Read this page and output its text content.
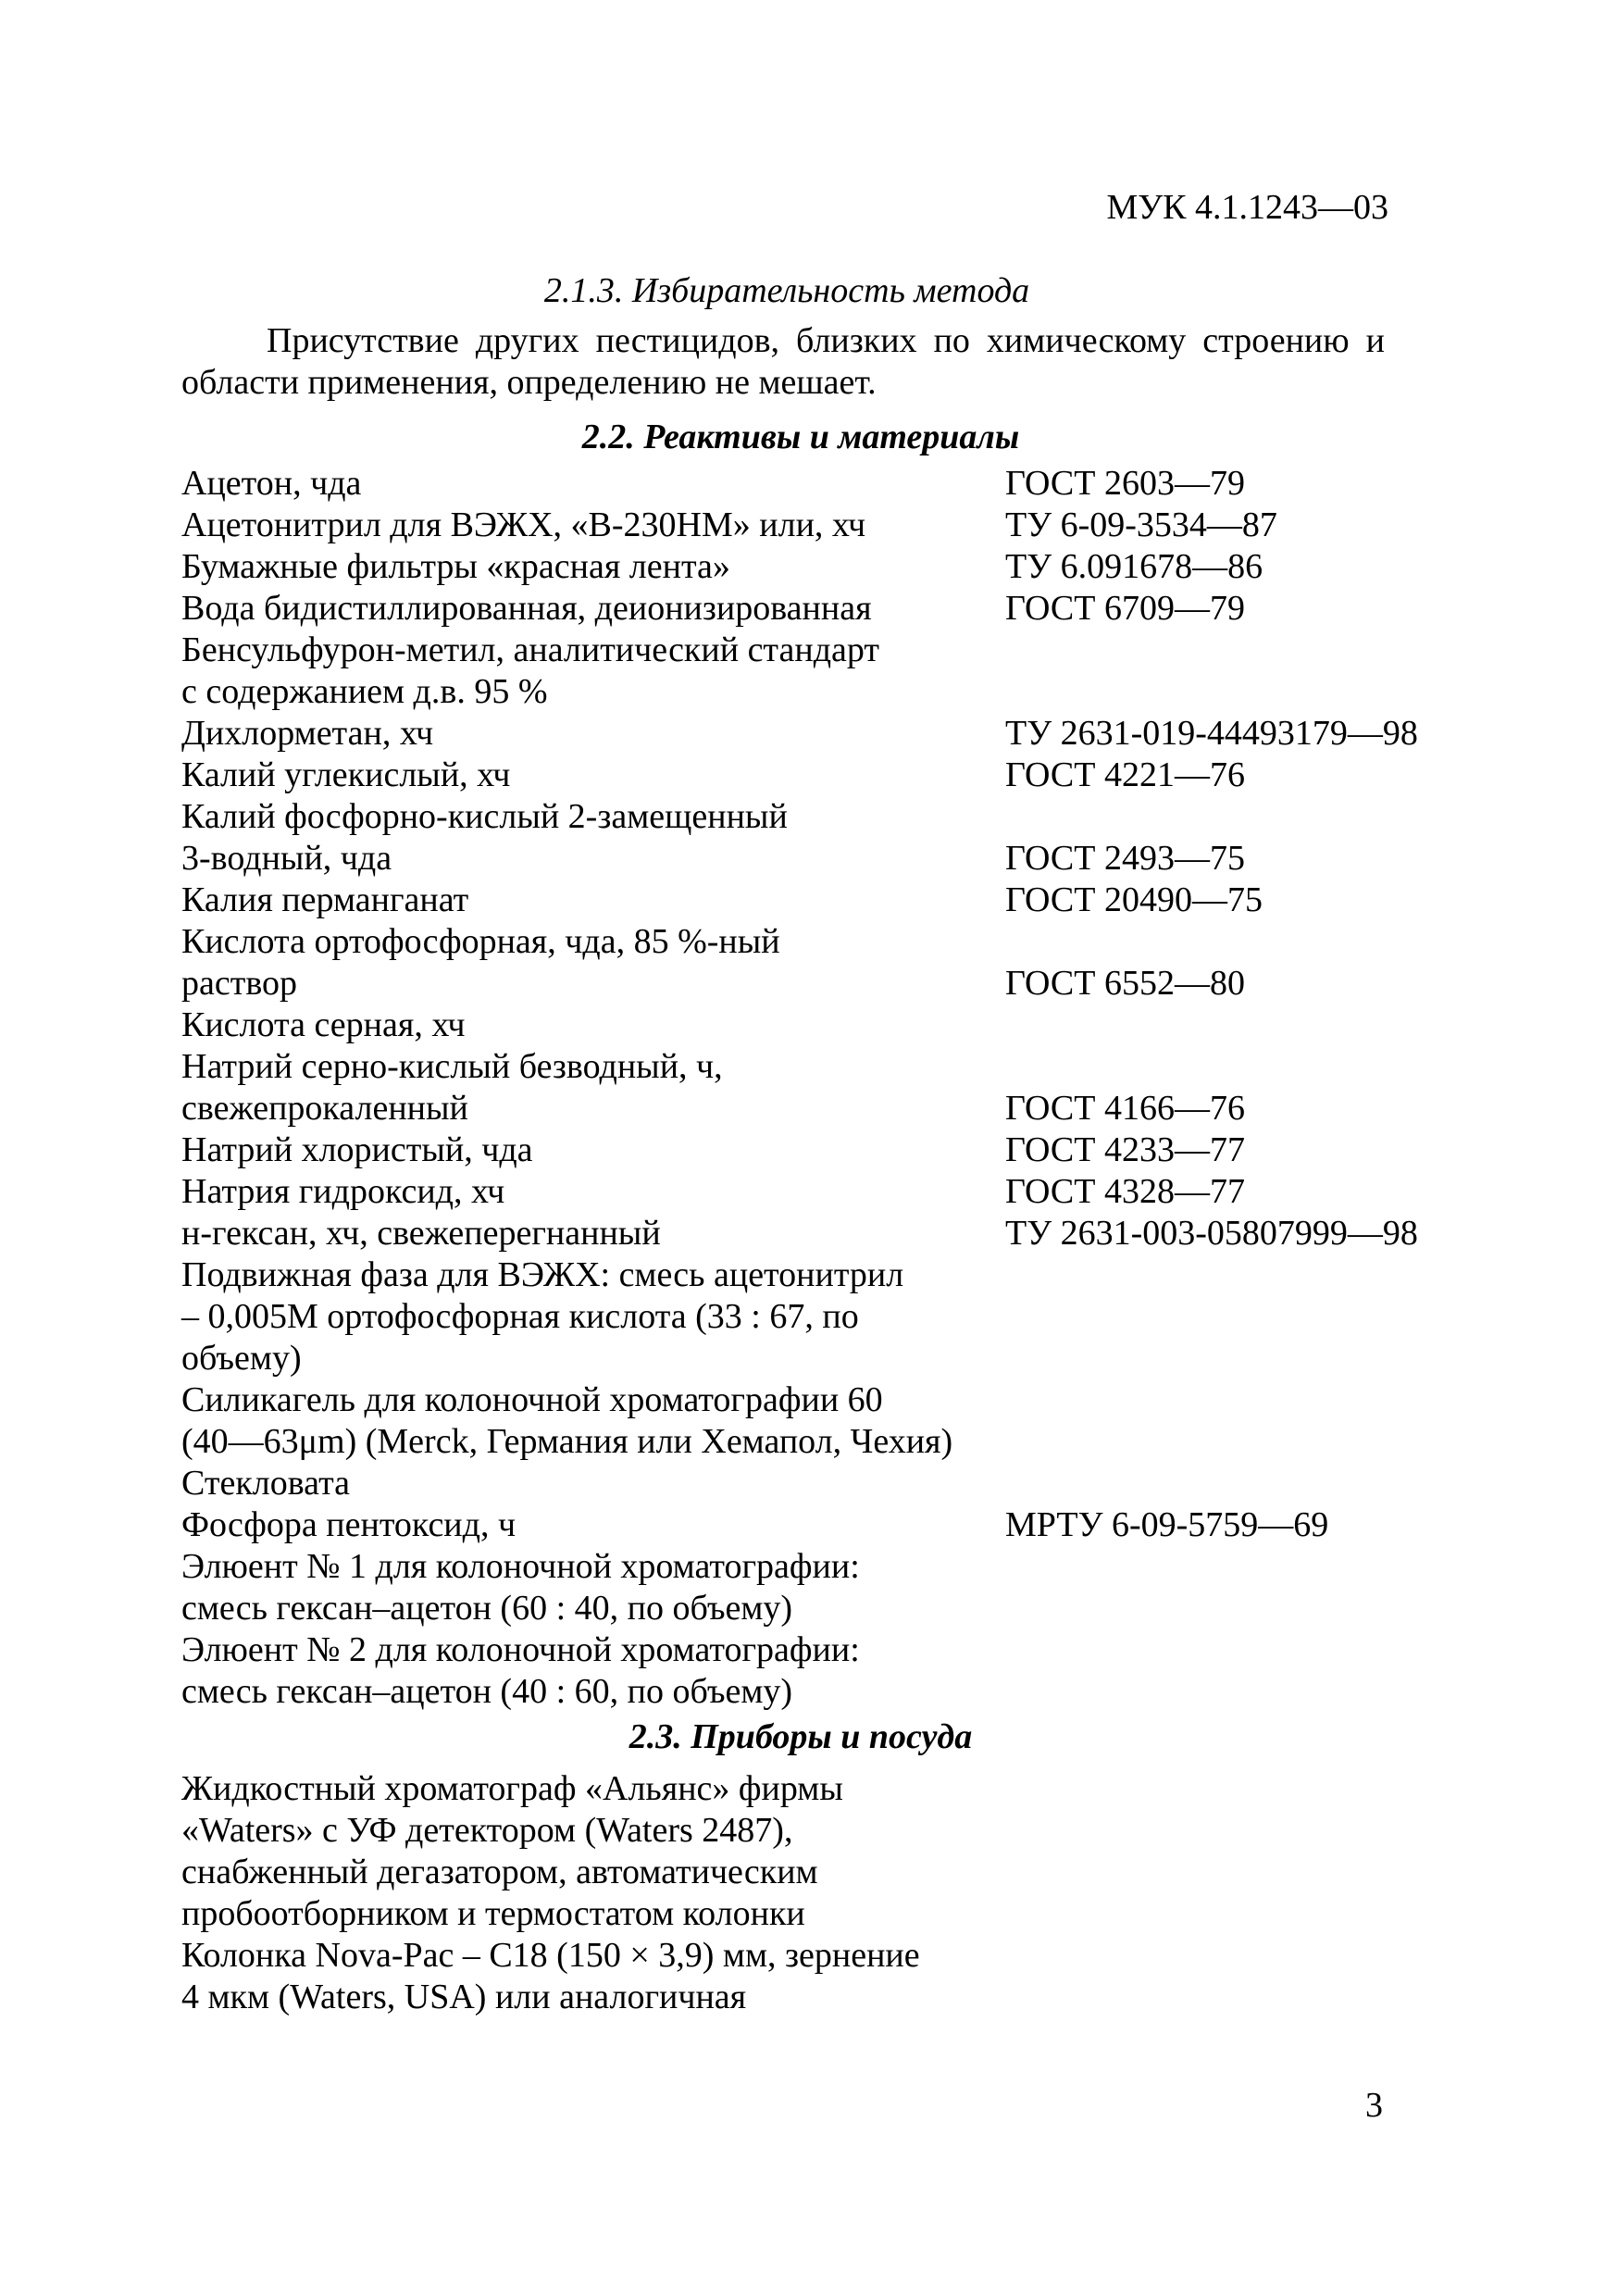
МУК 4.1.1243—03
2.1.3. Избирательность метода
Присутствие других пестицидов, близких по химическому строению и области применения, определению не мешает.
2.2. Реактивы и материалы
Ацетон, чда	ГОСТ 2603—79
Ацетонитрил для ВЭЖХ, «В-230НМ» или, хч	ТУ 6-09-3534—87
Бумажные фильтры «красная лента»	ТУ 6.091678—86
Вода бидистиллированная, деионизированная	ГОСТ 6709—79
Бенсульфурон-метил, аналитический стандарт
с содержанием д.в. 95 %
Дихлорметан, хч	ТУ 2631-019-44493179—98
Калий углекислый, хч	ГОСТ 4221—76
Калий фосфорно-кислый 2-замещенный
3-водный, чда	ГОСТ 2493—75
Калия перманганат	ГОСТ 20490—75
Кислота ортофосфорная, чда, 85 %-ный
раствор	ГОСТ 6552—80
Кислота серная, хч
Натрий серно-кислый безводный, ч,
свежепрокаленный	ГОСТ 4166—76
Натрий хлористый, чда	ГОСТ 4233—77
Натрия гидроксид, хч	ГОСТ 4328—77
н-гексан, хч, свежеперегнанный	ТУ 2631-003-05807999—98
Подвижная фаза для ВЭЖХ: смесь ацетонитрил
– 0,005М ортофосфорная кислота (33 : 67, по
объему)
Силикагель для колоночной хроматографии 60
(40—63μm) (Merck, Германия или Хемапол, Чехия)
Стекловата
Фосфора пентоксид, ч	МРТУ 6-09-5759—69
Элюент № 1 для колоночной хроматографии:
смесь гексан–ацетон (60 : 40, по объему)
Элюент № 2 для колоночной хроматографии:
смесь гексан–ацетон (40 : 60, по объему)
2.3. Приборы и посуда
Жидкостный хроматограф «Альянс» фирмы
«Waters» с УФ детектором (Waters 2487),
снабженный дегазатором, автоматическим
пробоотборником и термостатом колонки
Колонка Nova-Pac – С18 (150 × 3,9) мм, зернение
4 мкм (Waters, USA) или аналогичная
3
